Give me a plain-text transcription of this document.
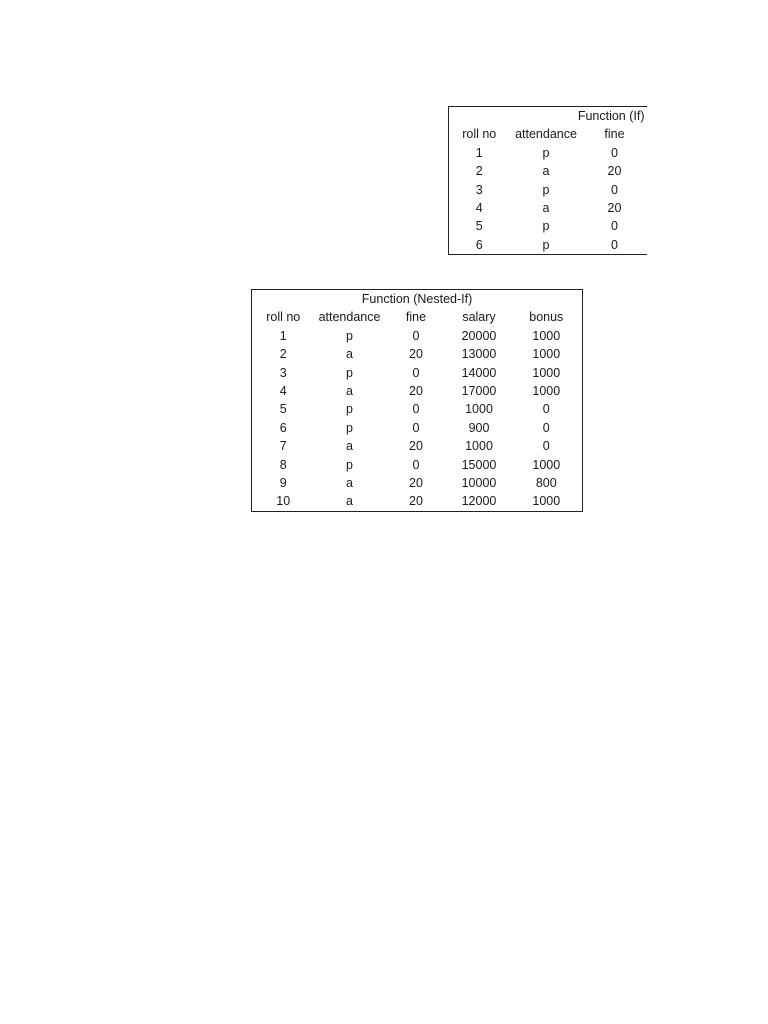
Function (If)		
roll no	attendance	fine
1	p	0
2	a	20
3	p	0
4	a	20
5	p	0
6	p	0
Function (Nested-If)				
roll no	attendance	fine	salary	bonus
1	p	0	20000	1000
2	a	20	13000	1000
3	p	0	14000	1000
4	a	20	17000	1000
5	p	0	1000	0
6	p	0	900	0
7	a	20	1000	0
8	p	0	15000	1000
9	a	20	10000	800
10	a	20	12000	1000
